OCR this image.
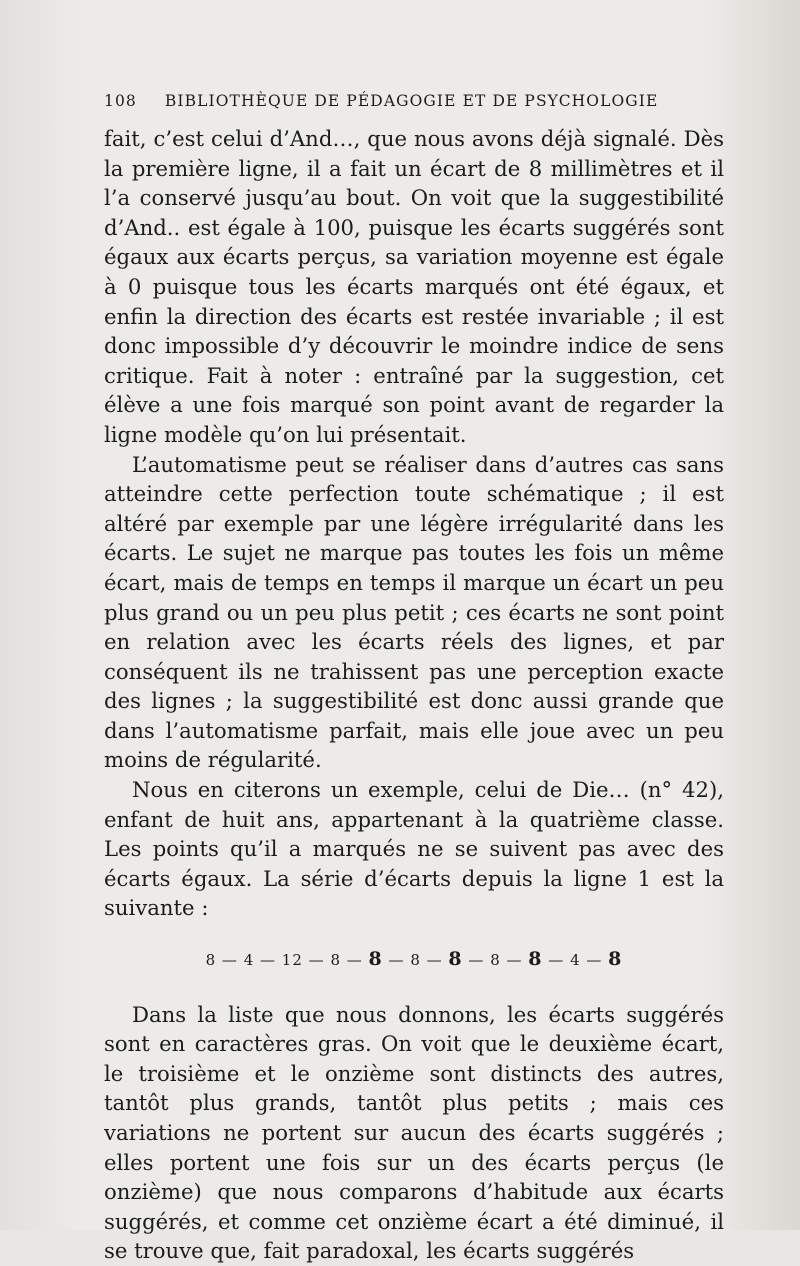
108 BIBLIOTHÈQUE DE PÉDAGOGIE ET DE PSYCHOLOGIE

fait, c’est celui d’And…, que nous avons déjà signalé. Dès la première ligne, il a fait un écart de 8 millimètres et il l’a conservé jusqu’au bout. On voit que la suggestibilité d’And.. est égale à 100, puisque les écarts suggérés sont égaux aux écarts perçus, sa variation moyenne est égale à 0 puisque tous les écarts marqués ont été égaux, et enfin la direction des écarts est restée invariable ; il est donc impossible d’y découvrir le moindre indice de sens critique. Fait à noter : entraîné par la suggestion, cet élève a une fois marqué son point avant de regarder la ligne modèle qu’on lui présentait.

L’automatisme peut se réaliser dans d’autres cas sans atteindre cette perfection toute schématique ; il est altéré par exemple par une légère irrégularité dans les écarts. Le sujet ne marque pas toutes les fois un même écart, mais de temps en temps il marque un écart un peu plus grand ou un peu plus petit ; ces écarts ne sont point en relation avec les écarts réels des lignes, et par conséquent ils ne trahissent pas une perception exacte des lignes ; la suggestibilité est donc aussi grande que dans l’automatisme parfait, mais elle joue avec un peu moins de régularité.

Nous en citerons un exemple, celui de Die… (n° 42), enfant de huit ans, appartenant à la quatrième classe. Les points qu’il a marqués ne se suivent pas avec des écarts égaux. La série d’écarts depuis la ligne 1 est la suivante :

8 — 4 — 12 — 8 — 8 — 8 — 8 — 8 — 8 — 4 — 8

Dans la liste que nous donnons, les écarts suggérés sont en caractères gras. On voit que le deuxième écart, le troisième et le onzième sont distincts des autres, tantôt plus grands, tantôt plus petits ; mais ces variations ne portent sur aucun des écarts suggérés ; elles portent une fois sur un des écarts perçus (le onzième) que nous comparons d’habitude aux écarts suggérés, et comme cet onzième écart a été diminué, il se trouve que, fait paradoxal, les écarts suggérés
